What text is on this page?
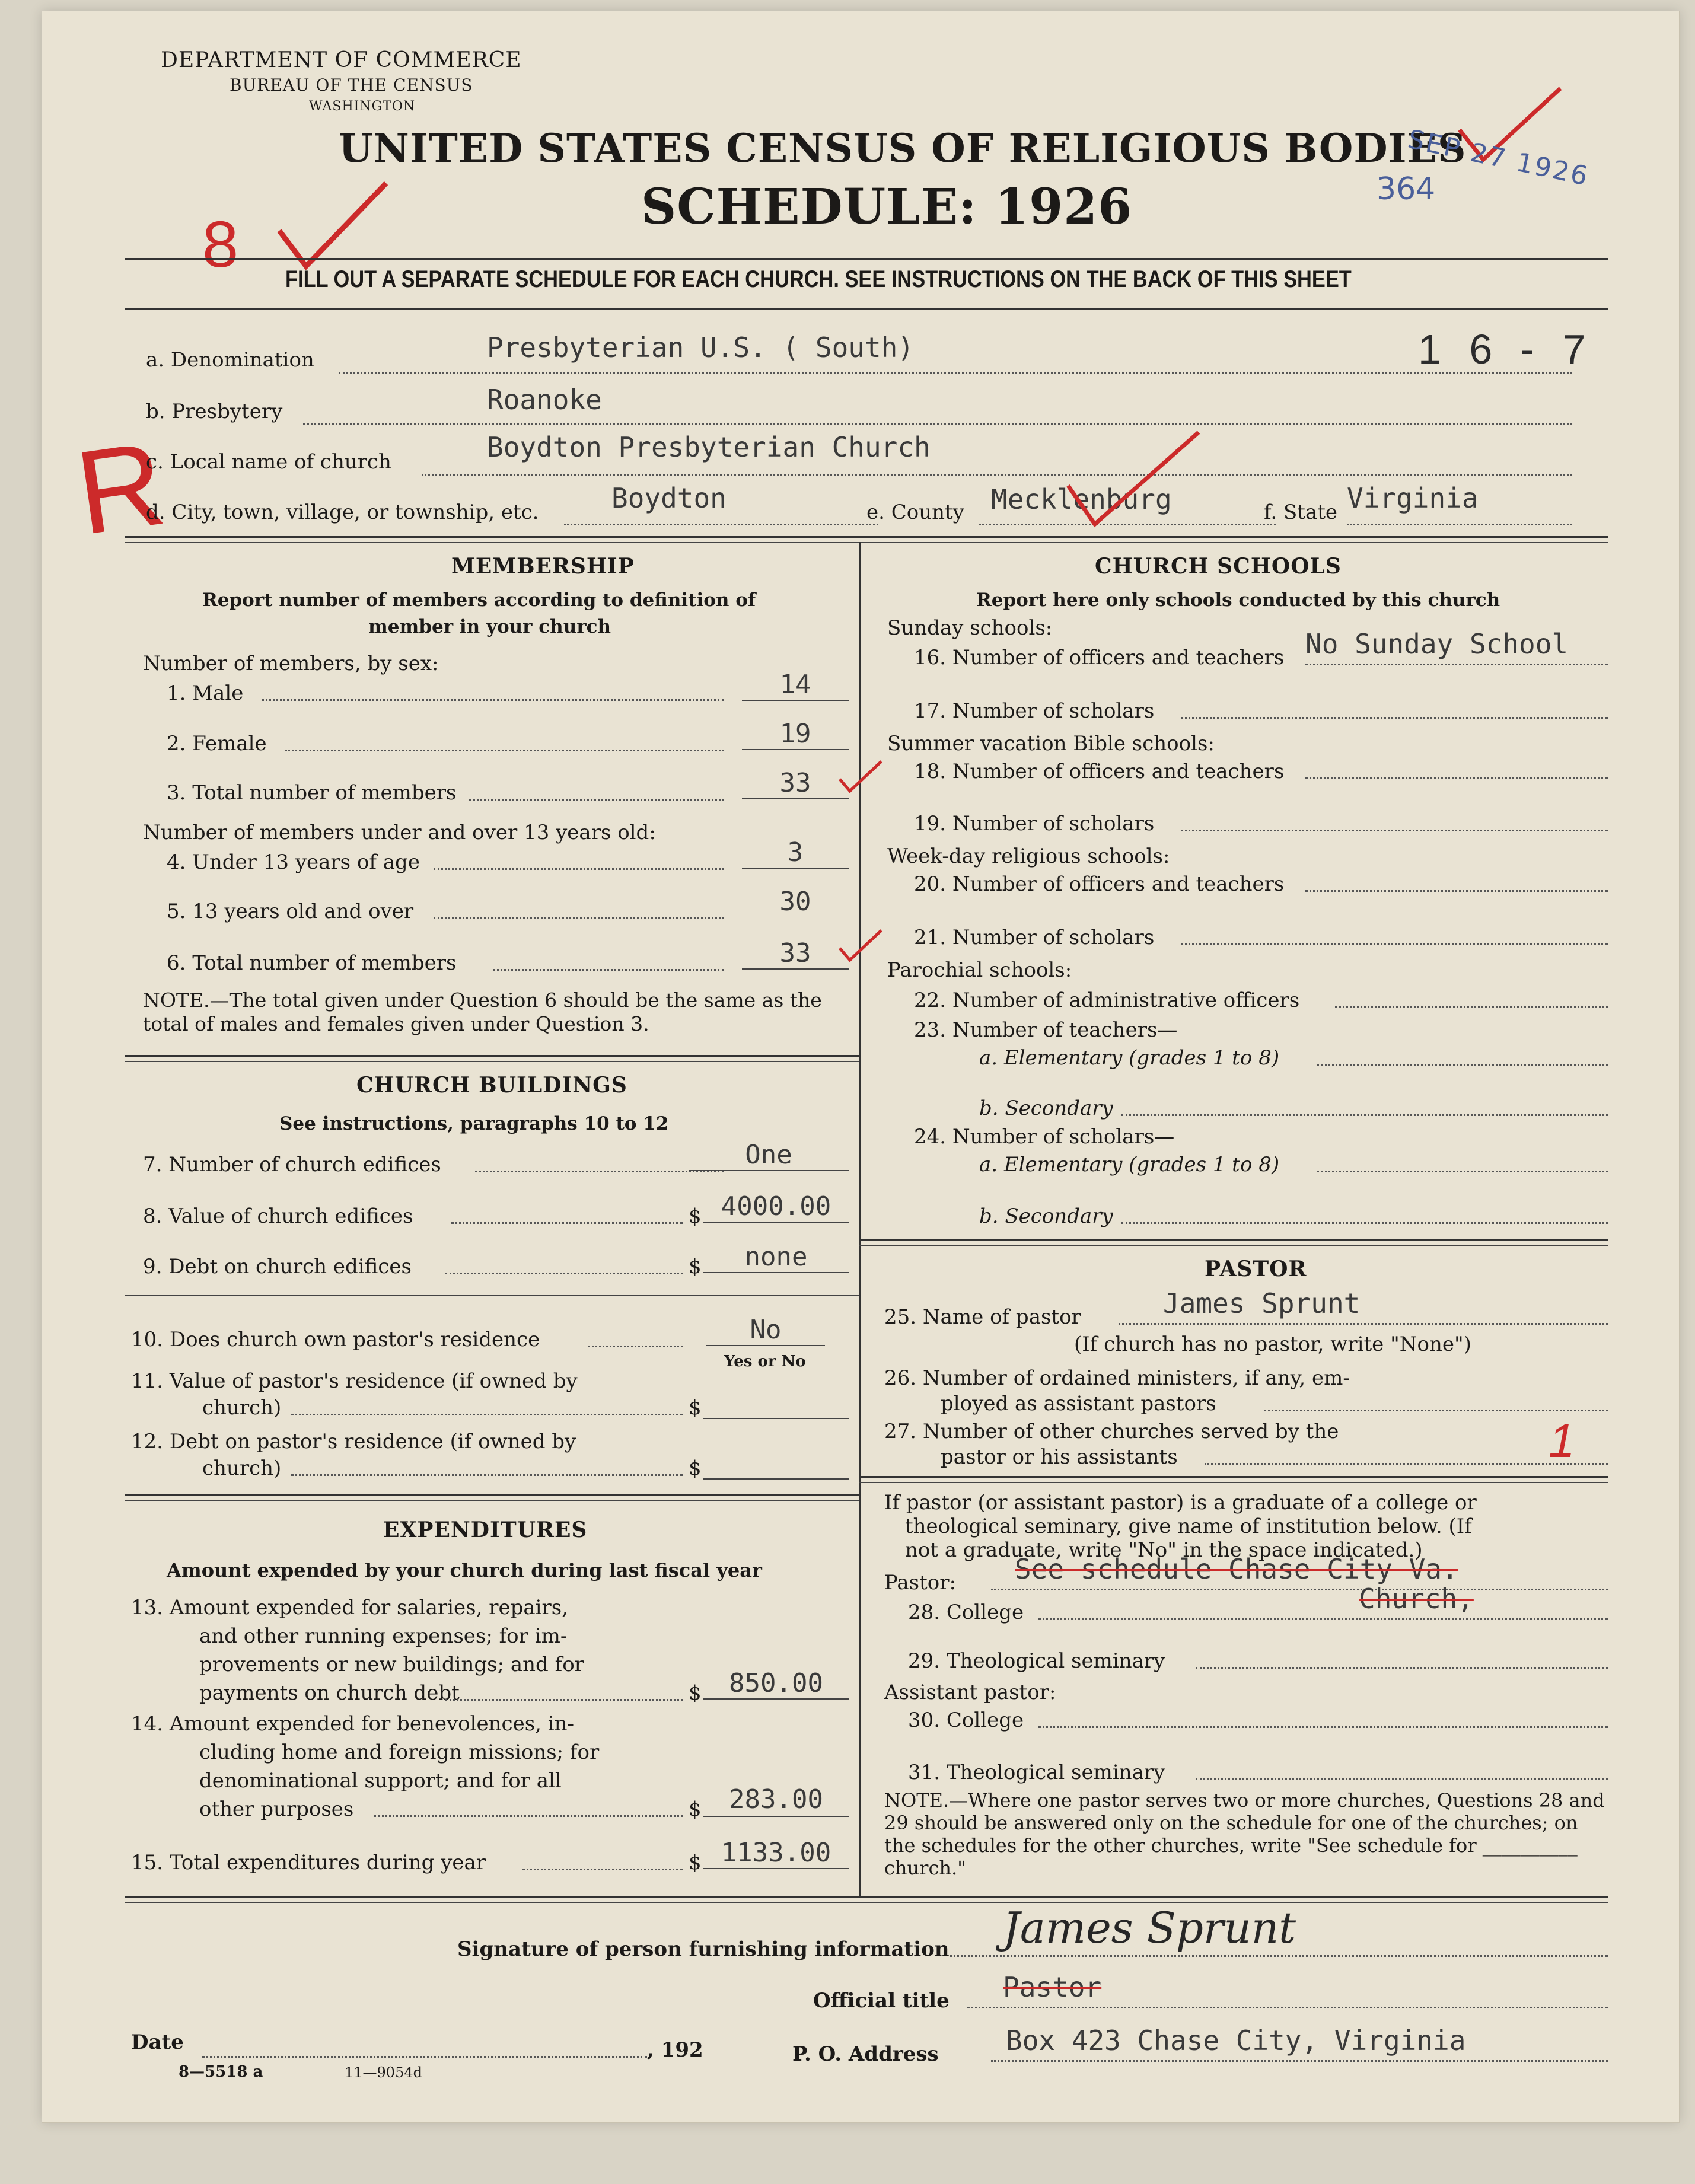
DEPARTMENT OF COMMERCE
BUREAU OF THE CENSUS
WASHINGTON
UNITED STATES CENSUS OF RELIGIOUS BODIES
SCHEDULE: 1926
8
SEP 27 1926
364
FILL OUT A SEPARATE SCHEDULE FOR EACH CHURCH. SEE INSTRUCTIONS ON THE BACK OF THIS SHEET
a. Denomination	Presbyterian U.S. ( South)	1 6 - 7
b. Presbytery	Roanoke
R
c. Local name of church	Boydton Presbyterian Church
d. City, town, village, or township, etc.	Boydton	e. County Mecklenburg	f. State Virginia
MEMBERSHIP
Report number of members according to definition of
member in your church
Number of members, by sex:
1. Male	14
2. Female	19
3. Total number of members	33
Number of members under and over 13 years old:
4. Under 13 years of age	3
5. 13 years old and over	30
6. Total number of members	33
NOTE.—The total given under Question 6 should be the same as the total of males and females given under Question 3.
CHURCH BUILDINGS
See instructions, paragraphs 10 to 12
7. Number of church edifices	One
8. Value of church edifices	$ 4000.00
9. Debt on church edifices	$	none
10. Does church own pastor's residence	No
Yes or No
11. Value of pastor's residence (if owned by
church)	$
12. Debt on pastor's residence (if owned by
church)	$
EXPENDITURES
Amount expended by your church during last fiscal year
13. Amount expended for salaries, repairs,
and other running expenses; for im-
provements or new buildings; and for
payments on church debt	$	850.00
14. Amount expended for benevolences, in-
cluding home and foreign missions; for
denominational support; and for all
other purposes	$	283.00
15. Total expenditures during year	$ 1133.00
CHURCH SCHOOLS
Report here only schools conducted by this church
Sunday schools:
16. Number of officers and teachers No Sunday School
17. Number of scholars
Summer vacation Bible schools:
18. Number of officers and teachers
19. Number of scholars
Week-day religious schools:
20. Number of officers and teachers
21. Number of scholars
Parochial schools:
22. Number of administrative officers
23. Number of teachers—
a. Elementary (grades 1 to 8)
b. Secondary
24. Number of scholars—
a. Elementary (grades 1 to 8)
b. Secondary
PASTOR
25. Name of pastor	James Sprunt
(If church has no pastor, write "None")
26. Number of ordained ministers, if any, em-
ployed as assistant pastors
27. Number of other churches served by the
pastor or his assistants	1
If pastor (or assistant pastor) is a graduate of a college or
theological seminary, give name of institution below. (If
not a graduate, write "No" in the space indicated.)
Pastor: See schedule Chase City Va.
28. College	Church,
29. Theological seminary
Assistant pastor:
30. College
31. Theological seminary
NOTE.—Where one pastor serves two or more churches, Questions 28 and 29 should be answered only on the schedule for one of the churches; on the schedules for the other churches, write "See schedule for __________ church."
Signature of person furnishing information James Sprunt
Official title Pastor
Date	, 192	P. O. Address Box 423 Chase City, Virginia
8—5518 a	11—9054d
